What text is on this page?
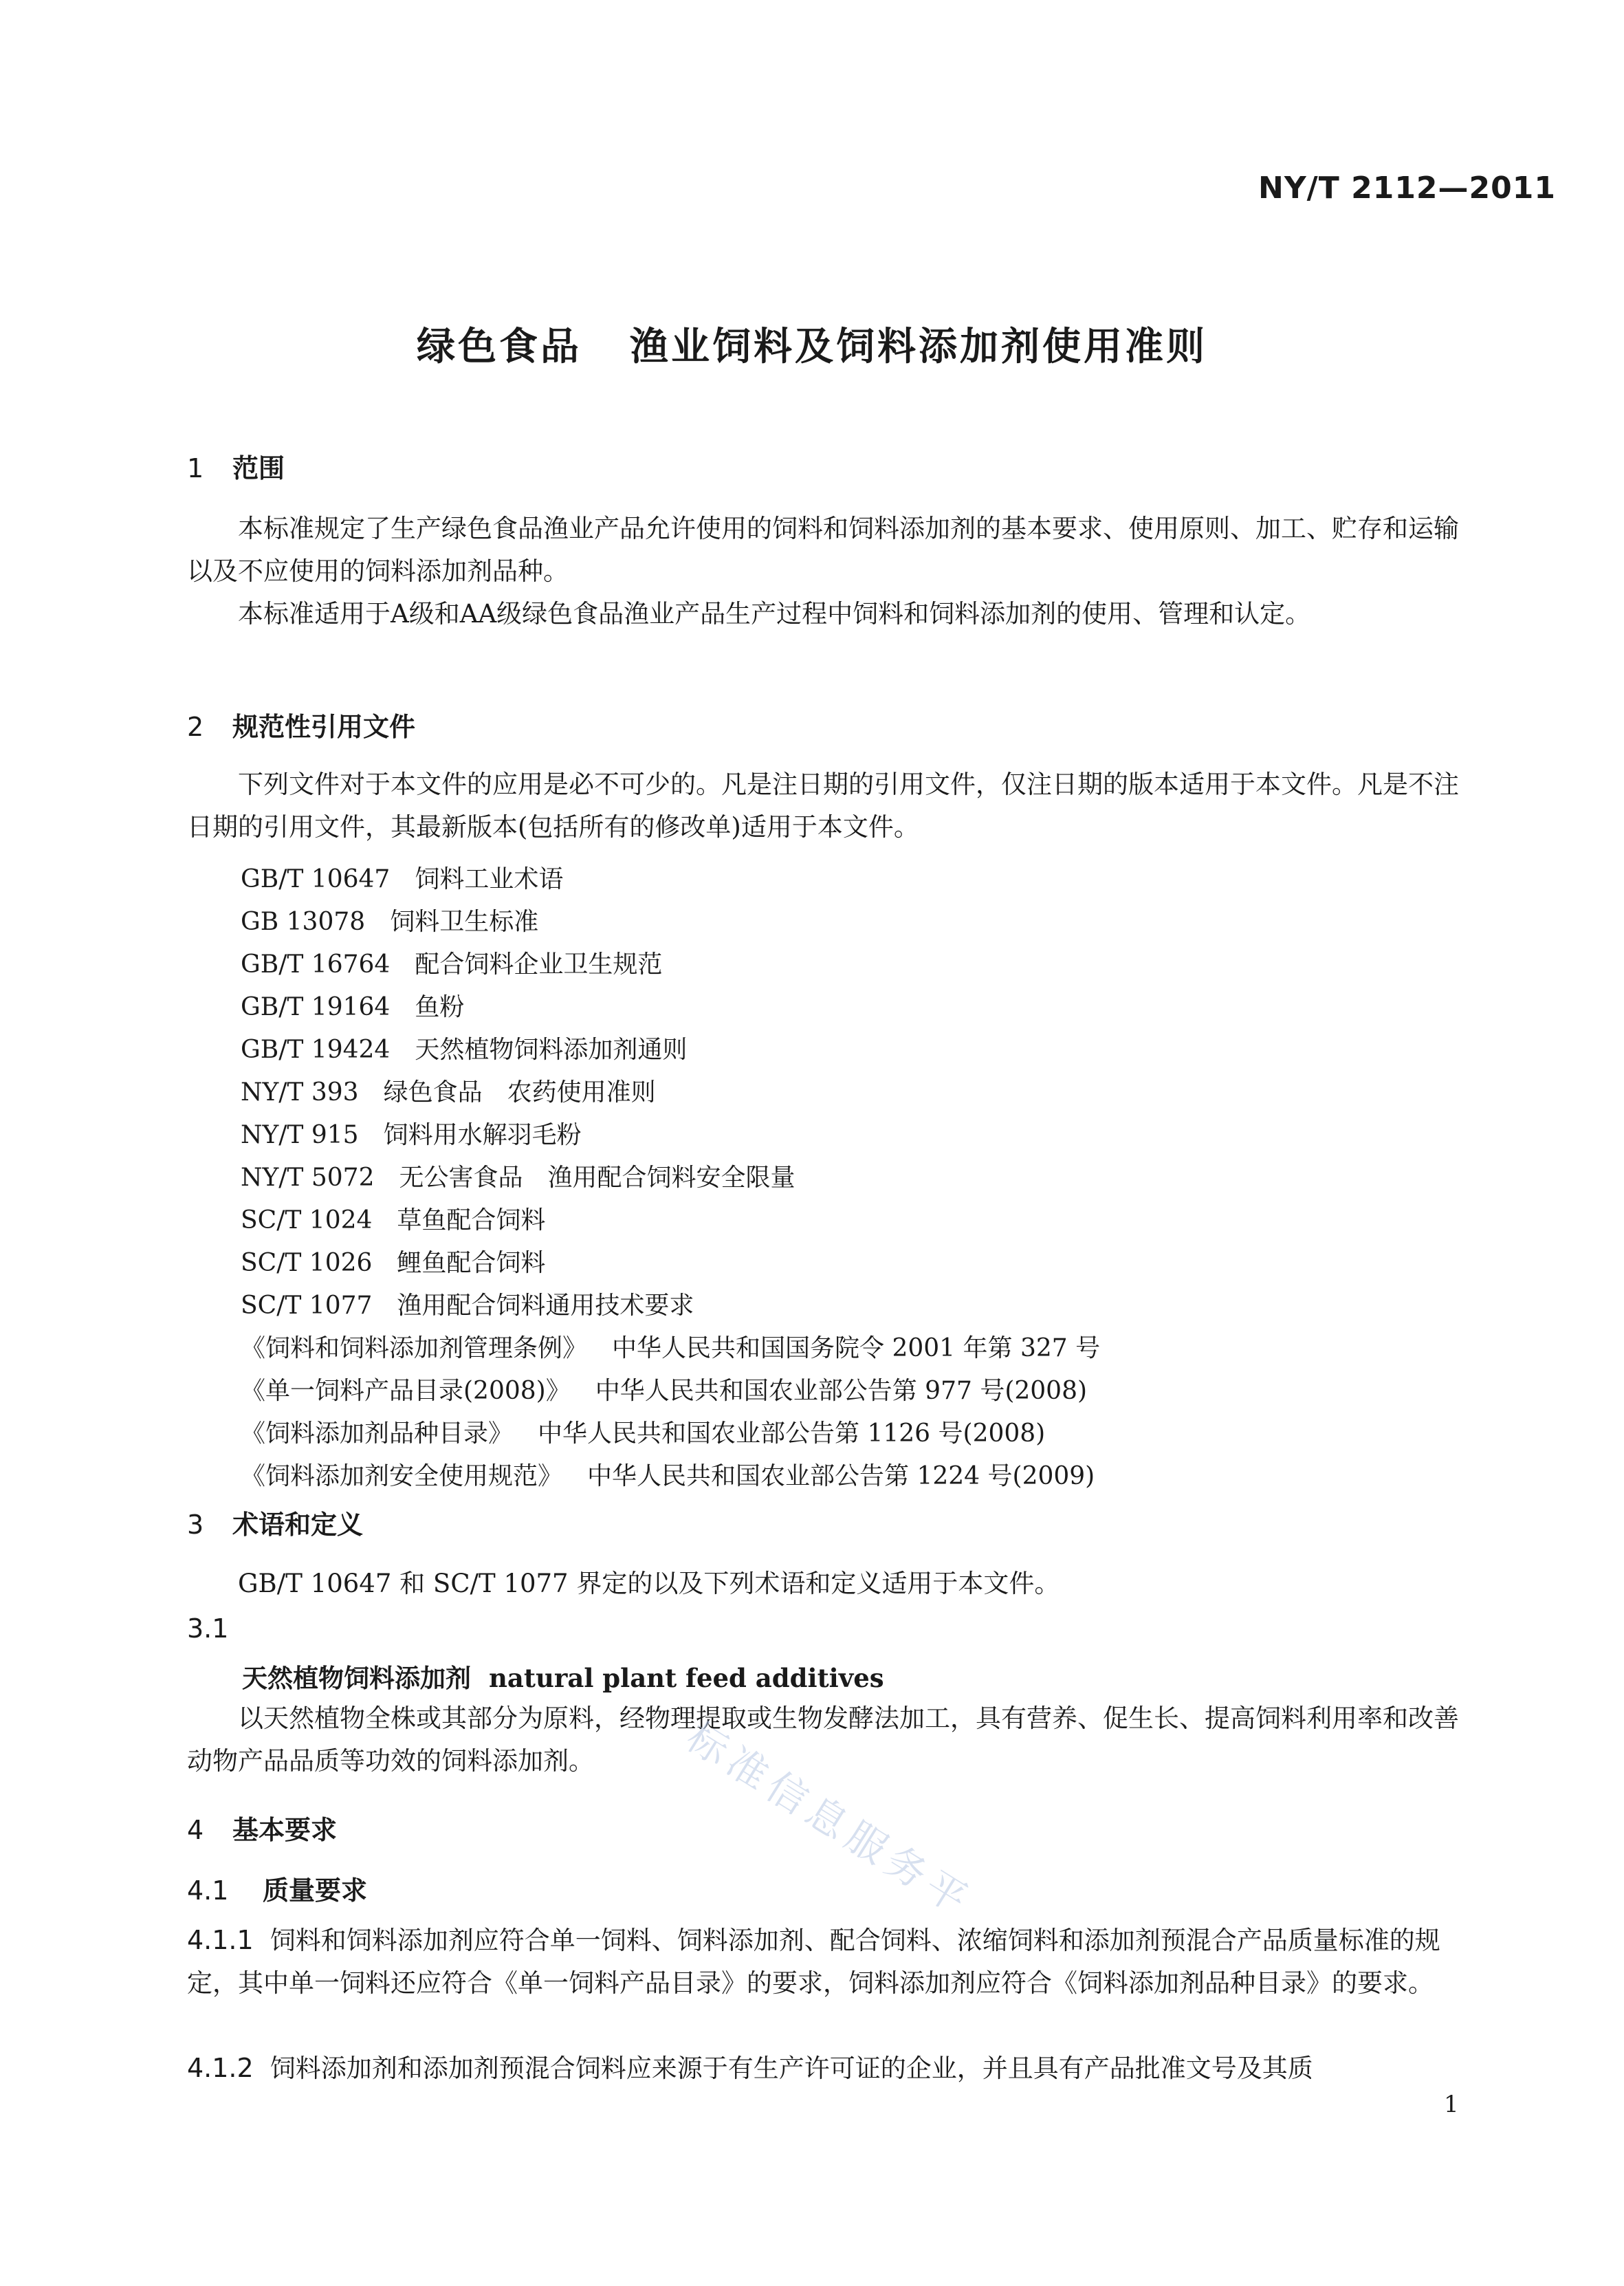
NY/T 2112—2011
绿色食品 渔业饲料及饲料添加剂使用准则
1 范围
本标准规定了生产绿色食品渔业产品允许使用的饲料和饲料添加剂的基本要求、使用原则、加工、贮存和运输以及不应使用的饲料添加剂品种。
本标准适用于A级和AA级绿色食品渔业产品生产过程中饲料和饲料添加剂的使用、管理和认定。
2 规范性引用文件
下列文件对于本文件的应用是必不可少的。凡是注日期的引用文件，仅注日期的版本适用于本文件。凡是不注日期的引用文件，其最新版本(包括所有的修改单)适用于本文件。
GB/T 10647 饲料工业术语
GB 13078 饲料卫生标准
GB/T 16764 配合饲料企业卫生规范
GB/T 19164 鱼粉
GB/T 19424 天然植物饲料添加剂通则
NY/T 393 绿色食品　农药使用准则
NY/T 915 饲料用水解羽毛粉
NY/T 5072 无公害食品　渔用配合饲料安全限量
SC/T 1024 草鱼配合饲料
SC/T 1026 鲤鱼配合饲料
SC/T 1077 渔用配合饲料通用技术要求
《饲料和饲料添加剂管理条例》 中华人民共和国国务院令 2001 年第 327 号
《单一饲料产品目录(2008)》 中华人民共和国农业部公告第 977 号(2008)
《饲料添加剂品种目录》 中华人民共和国农业部公告第 1126 号(2008)
《饲料添加剂安全使用规范》 中华人民共和国农业部公告第 1224 号(2009)
3 术语和定义
GB/T 10647 和 SC/T 1077 界定的以及下列术语和定义适用于本文件。
3.1
天然植物饲料添加剂 natural plant feed additives
以天然植物全株或其部分为原料，经物理提取或生物发酵法加工，具有营养、促生长、提高饲料利用率和改善动物产品品质等功效的饲料添加剂。
4 基本要求
4.1 质量要求
4.1.1 饲料和饲料添加剂应符合单一饲料、饲料添加剂、配合饲料、浓缩饲料和添加剂预混合产品质量标准的规定，其中单一饲料还应符合《单一饲料产品目录》的要求，饲料添加剂应符合《饲料添加剂品种目录》的要求。
4.1.2 饲料添加剂和添加剂预混合饲料应来源于有生产许可证的企业，并且具有产品批准文号及其质
1
标准信息服务平
